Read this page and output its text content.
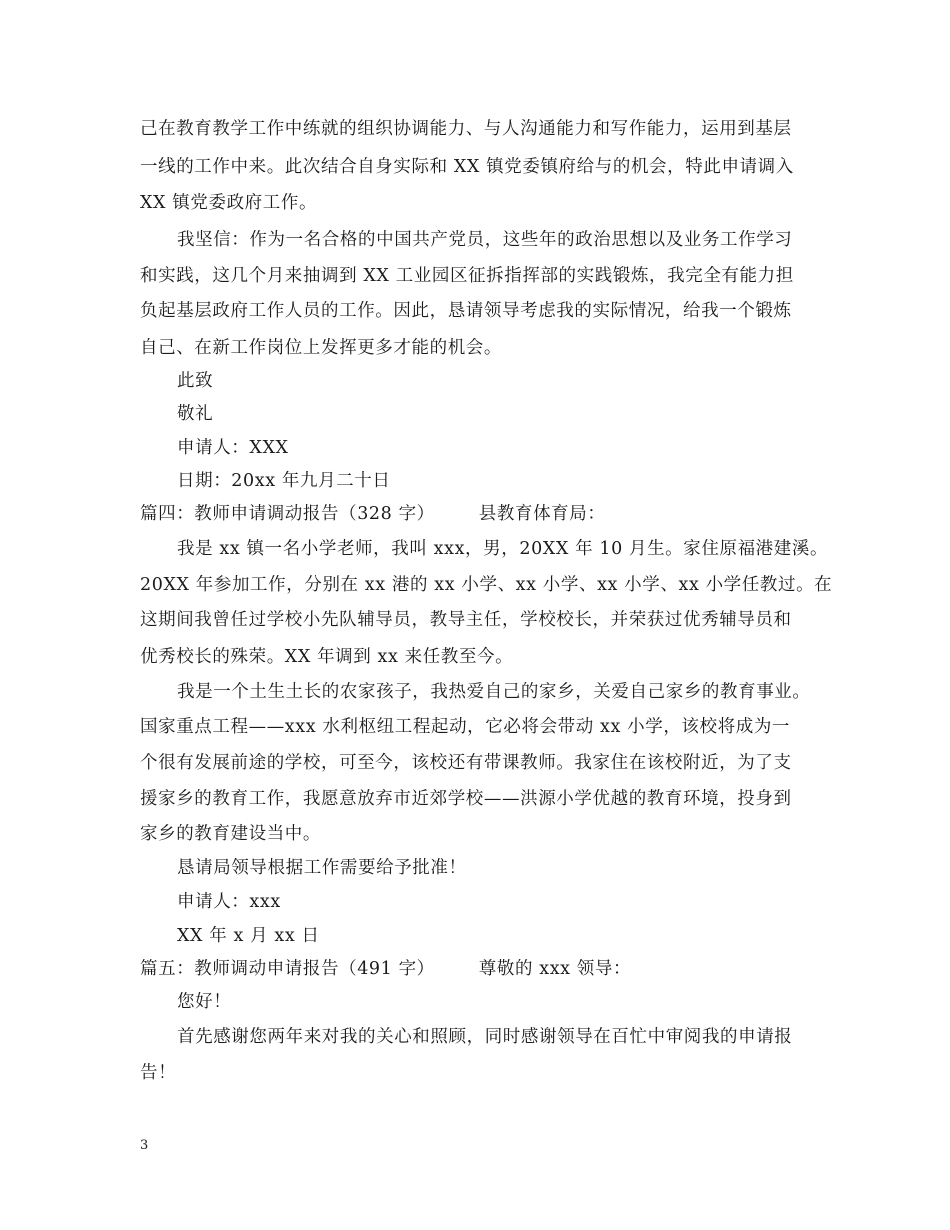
己在教育教学工作中练就的组织协调能力、与人沟通能力和写作能力，运用到基层
一线的工作中来。此次结合自身实际和 XX 镇党委镇府给与的机会，特此申请调入
XX 镇党委政府工作。
我坚信：作为一名合格的中国共产党员，这些年的政治思想以及业务工作学习
和实践，这几个月来抽调到 XX 工业园区征拆指挥部的实践锻炼，我完全有能力担
负起基层政府工作人员的工作。因此，恳请领导考虑我的实际情况，给我一个锻炼
自己、在新工作岗位上发挥更多才能的机会。
此致
敬礼
申请人：XXX
日期：20xx 年九月二十日
篇四：教师申请调动报告（328 字）	县教育体育局：
我是 xx 镇一名小学老师，我叫 xxx，男，20XX 年 10 月生。家住原福港建溪。
20XX 年参加工作，分别在 xx 港的 xx 小学、xx 小学、xx 小学、xx 小学任教过。在
这期间我曾任过学校小先队辅导员，教导主任，学校校长，并荣获过优秀辅导员和
优秀校长的殊荣。XX 年调到 xx 来任教至今。
我是一个土生土长的农家孩子，我热爱自己的家乡，关爱自己家乡的教育事业。
国家重点工程——xxx 水利枢纽工程起动，它必将会带动 xx 小学，该校将成为一
个很有发展前途的学校，可至今，该校还有带课教师。我家住在该校附近，为了支
援家乡的教育工作，我愿意放弃市近郊学校——洪源小学优越的教育环境，投身到
家乡的教育建设当中。
恳请局领导根据工作需要给予批准！
申请人：xxx
XX 年 x 月 xx 日
篇五：教师调动申请报告（491 字）	尊敬的 xxx 领导：
您好！
首先感谢您两年来对我的关心和照顾，同时感谢领导在百忙中审阅我的申请报
告！
3
